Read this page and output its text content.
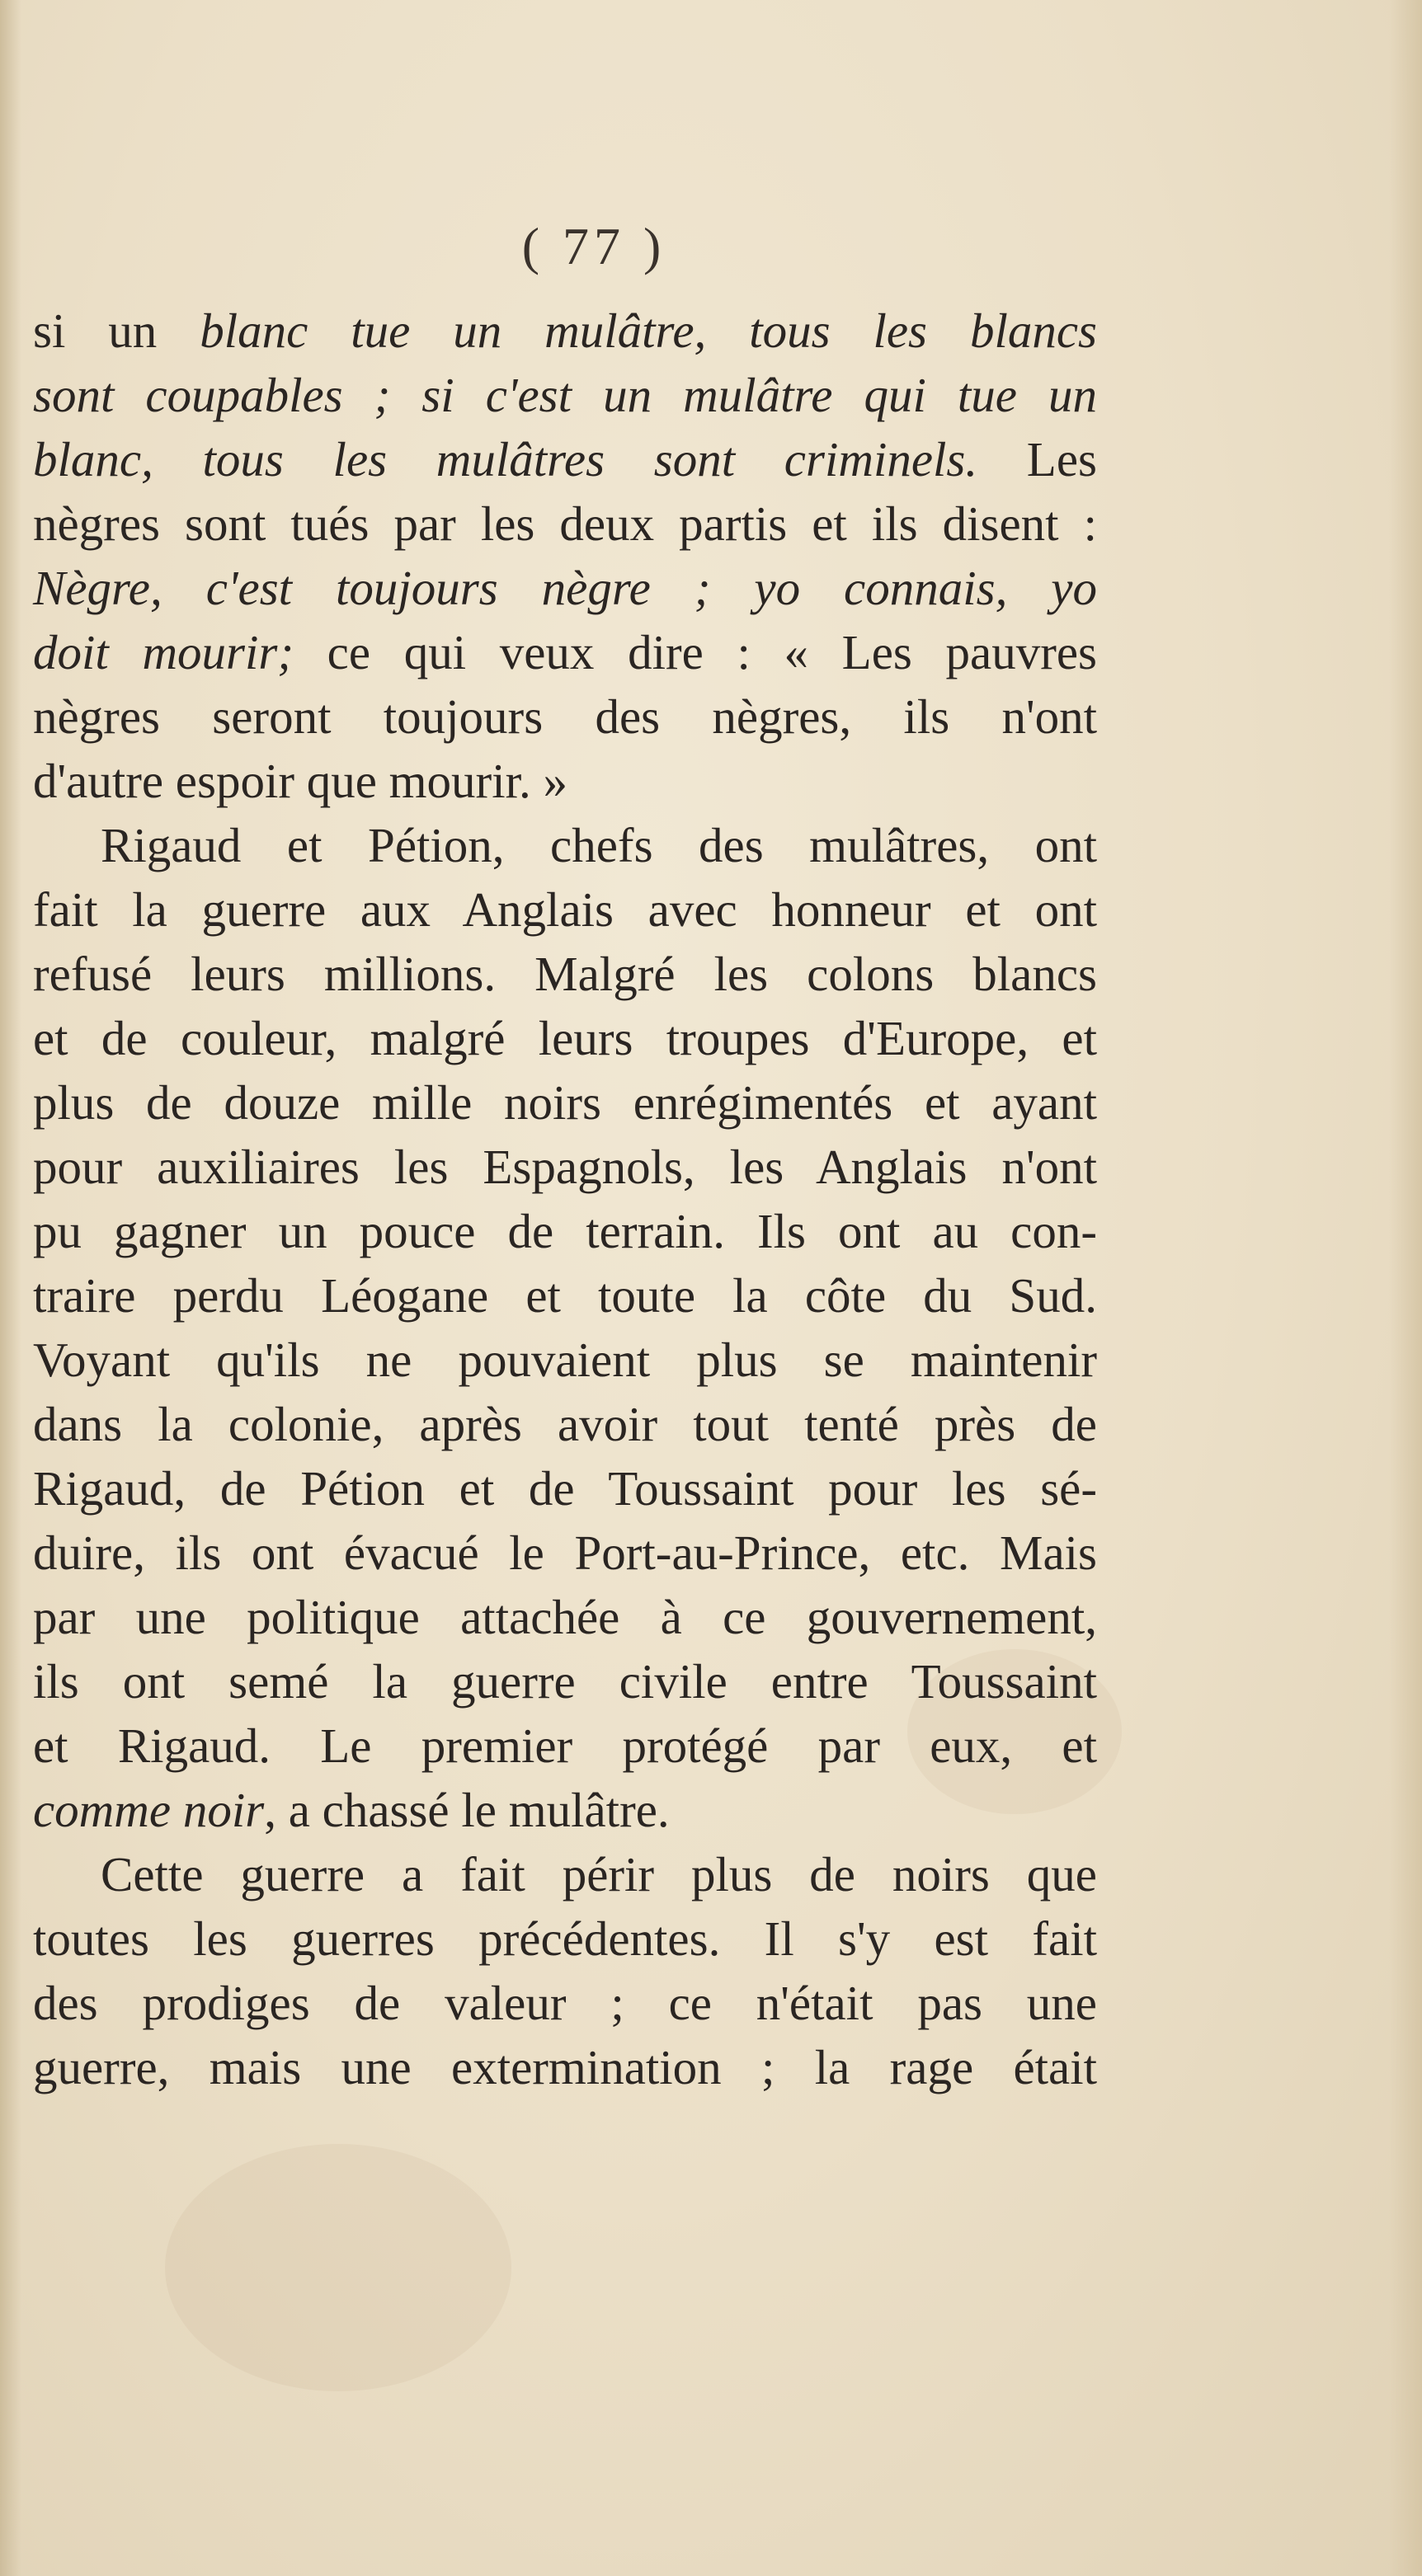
( 77 )
si un blanc tue un mulâtre, tous les blancs
sont coupables ; si c'est un mulâtre qui tue un
blanc, tous les mulâtres sont criminels. Les
nègres sont tués par les deux partis et ils disent :
Nègre, c'est toujours nègre ; yo connais, yo
doit mourir; ce qui veux dire : « Les pauvres
nègres seront toujours des nègres, ils n'ont
d'autre espoir que mourir. »
Rigaud et Pétion, chefs des mulâtres, ont
fait la guerre aux Anglais avec honneur et ont
refusé leurs millions. Malgré les colons blancs
et de couleur, malgré leurs troupes d'Europe, et
plus de douze mille noirs enrégimentés et ayant
pour auxiliaires les Espagnols, les Anglais n'ont
pu gagner un pouce de terrain. Ils ont au con-
traire perdu Léogane et toute la côte du Sud.
Voyant qu'ils ne pouvaient plus se maintenir
dans la colonie, après avoir tout tenté près de
Rigaud, de Pétion et de Toussaint pour les sé-
duire, ils ont évacué le Port-au-Prince, etc. Mais
par une politique attachée à ce gouvernement,
ils ont semé la guerre civile entre Toussaint
et Rigaud. Le premier protégé par eux, et
comme noir, a chassé le mulâtre.
Cette guerre a fait périr plus de noirs que
toutes les guerres précédentes. Il s'y est fait
des prodiges de valeur ; ce n'était pas une
guerre, mais une extermination ; la rage était
